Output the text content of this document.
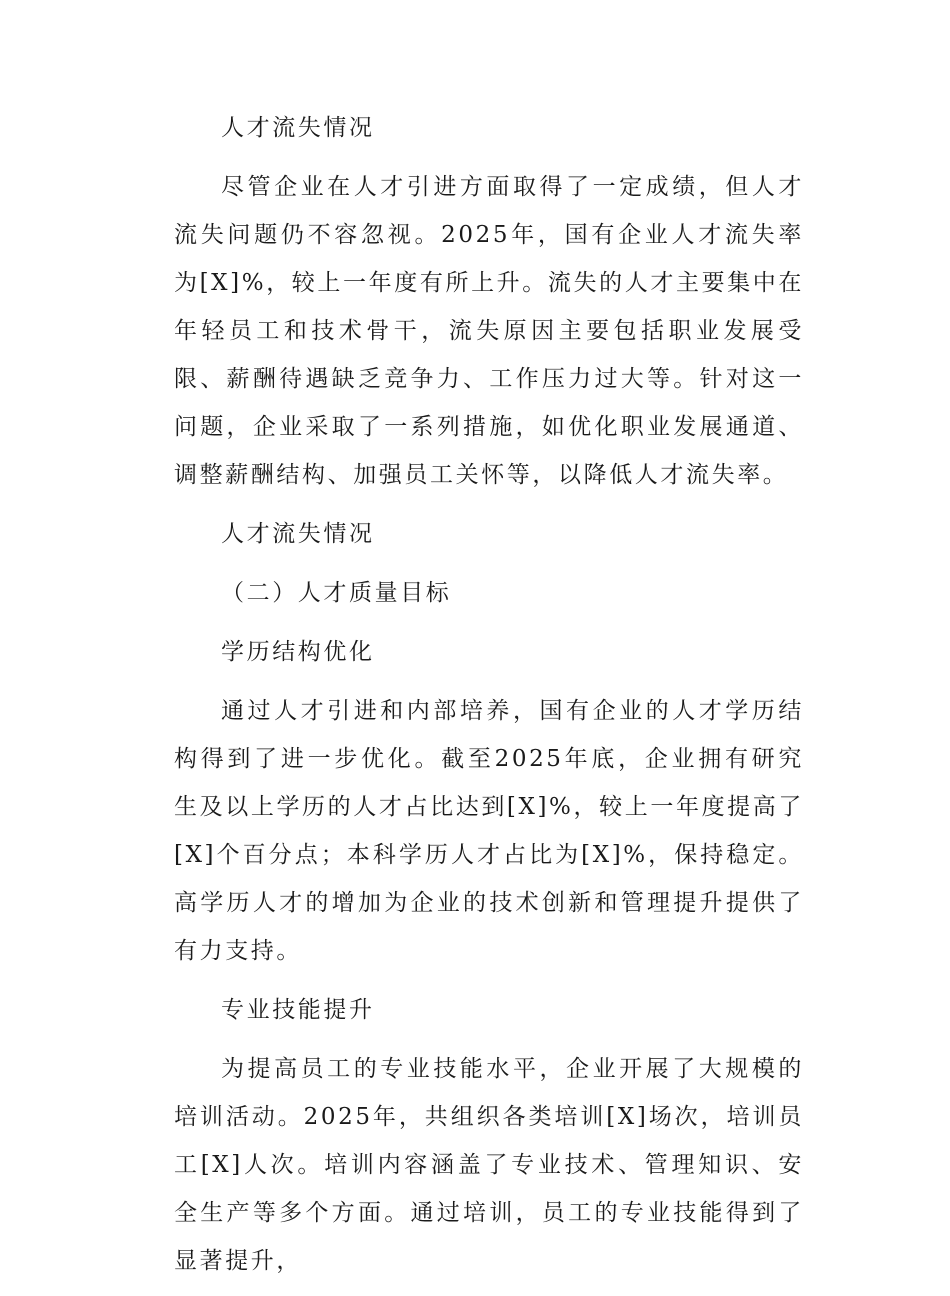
人才流失情况

尽管企业在人才引进方面取得了一定成绩，但人才流失问题仍不容忽视。2025年，国有企业人才流失率为[X]%，较上一年度有所上升。流失的人才主要集中在年轻员工和技术骨干，流失原因主要包括职业发展受限、薪酬待遇缺乏竞争力、工作压力过大等。针对这一问题，企业采取了一系列措施，如优化职业发展通道、调整薪酬结构、加强员工关怀等，以降低人才流失率。

人才流失情况

（二）人才质量目标

学历结构优化

通过人才引进和内部培养，国有企业的人才学历结构得到了进一步优化。截至2025年底，企业拥有研究生及以上学历的人才占比达到[X]%，较上一年度提高了[X]个百分点；本科学历人才占比为[X]%，保持稳定。高学历人才的增加为企业的技术创新和管理提升提供了有力支持。

专业技能提升

为提高员工的专业技能水平，企业开展了大规模的培训活动。2025年，共组织各类培训[X]场次，培训员工[X]人次。培训内容涵盖了专业技术、管理知识、安全生产等多个方面。通过培训，员工的专业技能得到了显著提升，
